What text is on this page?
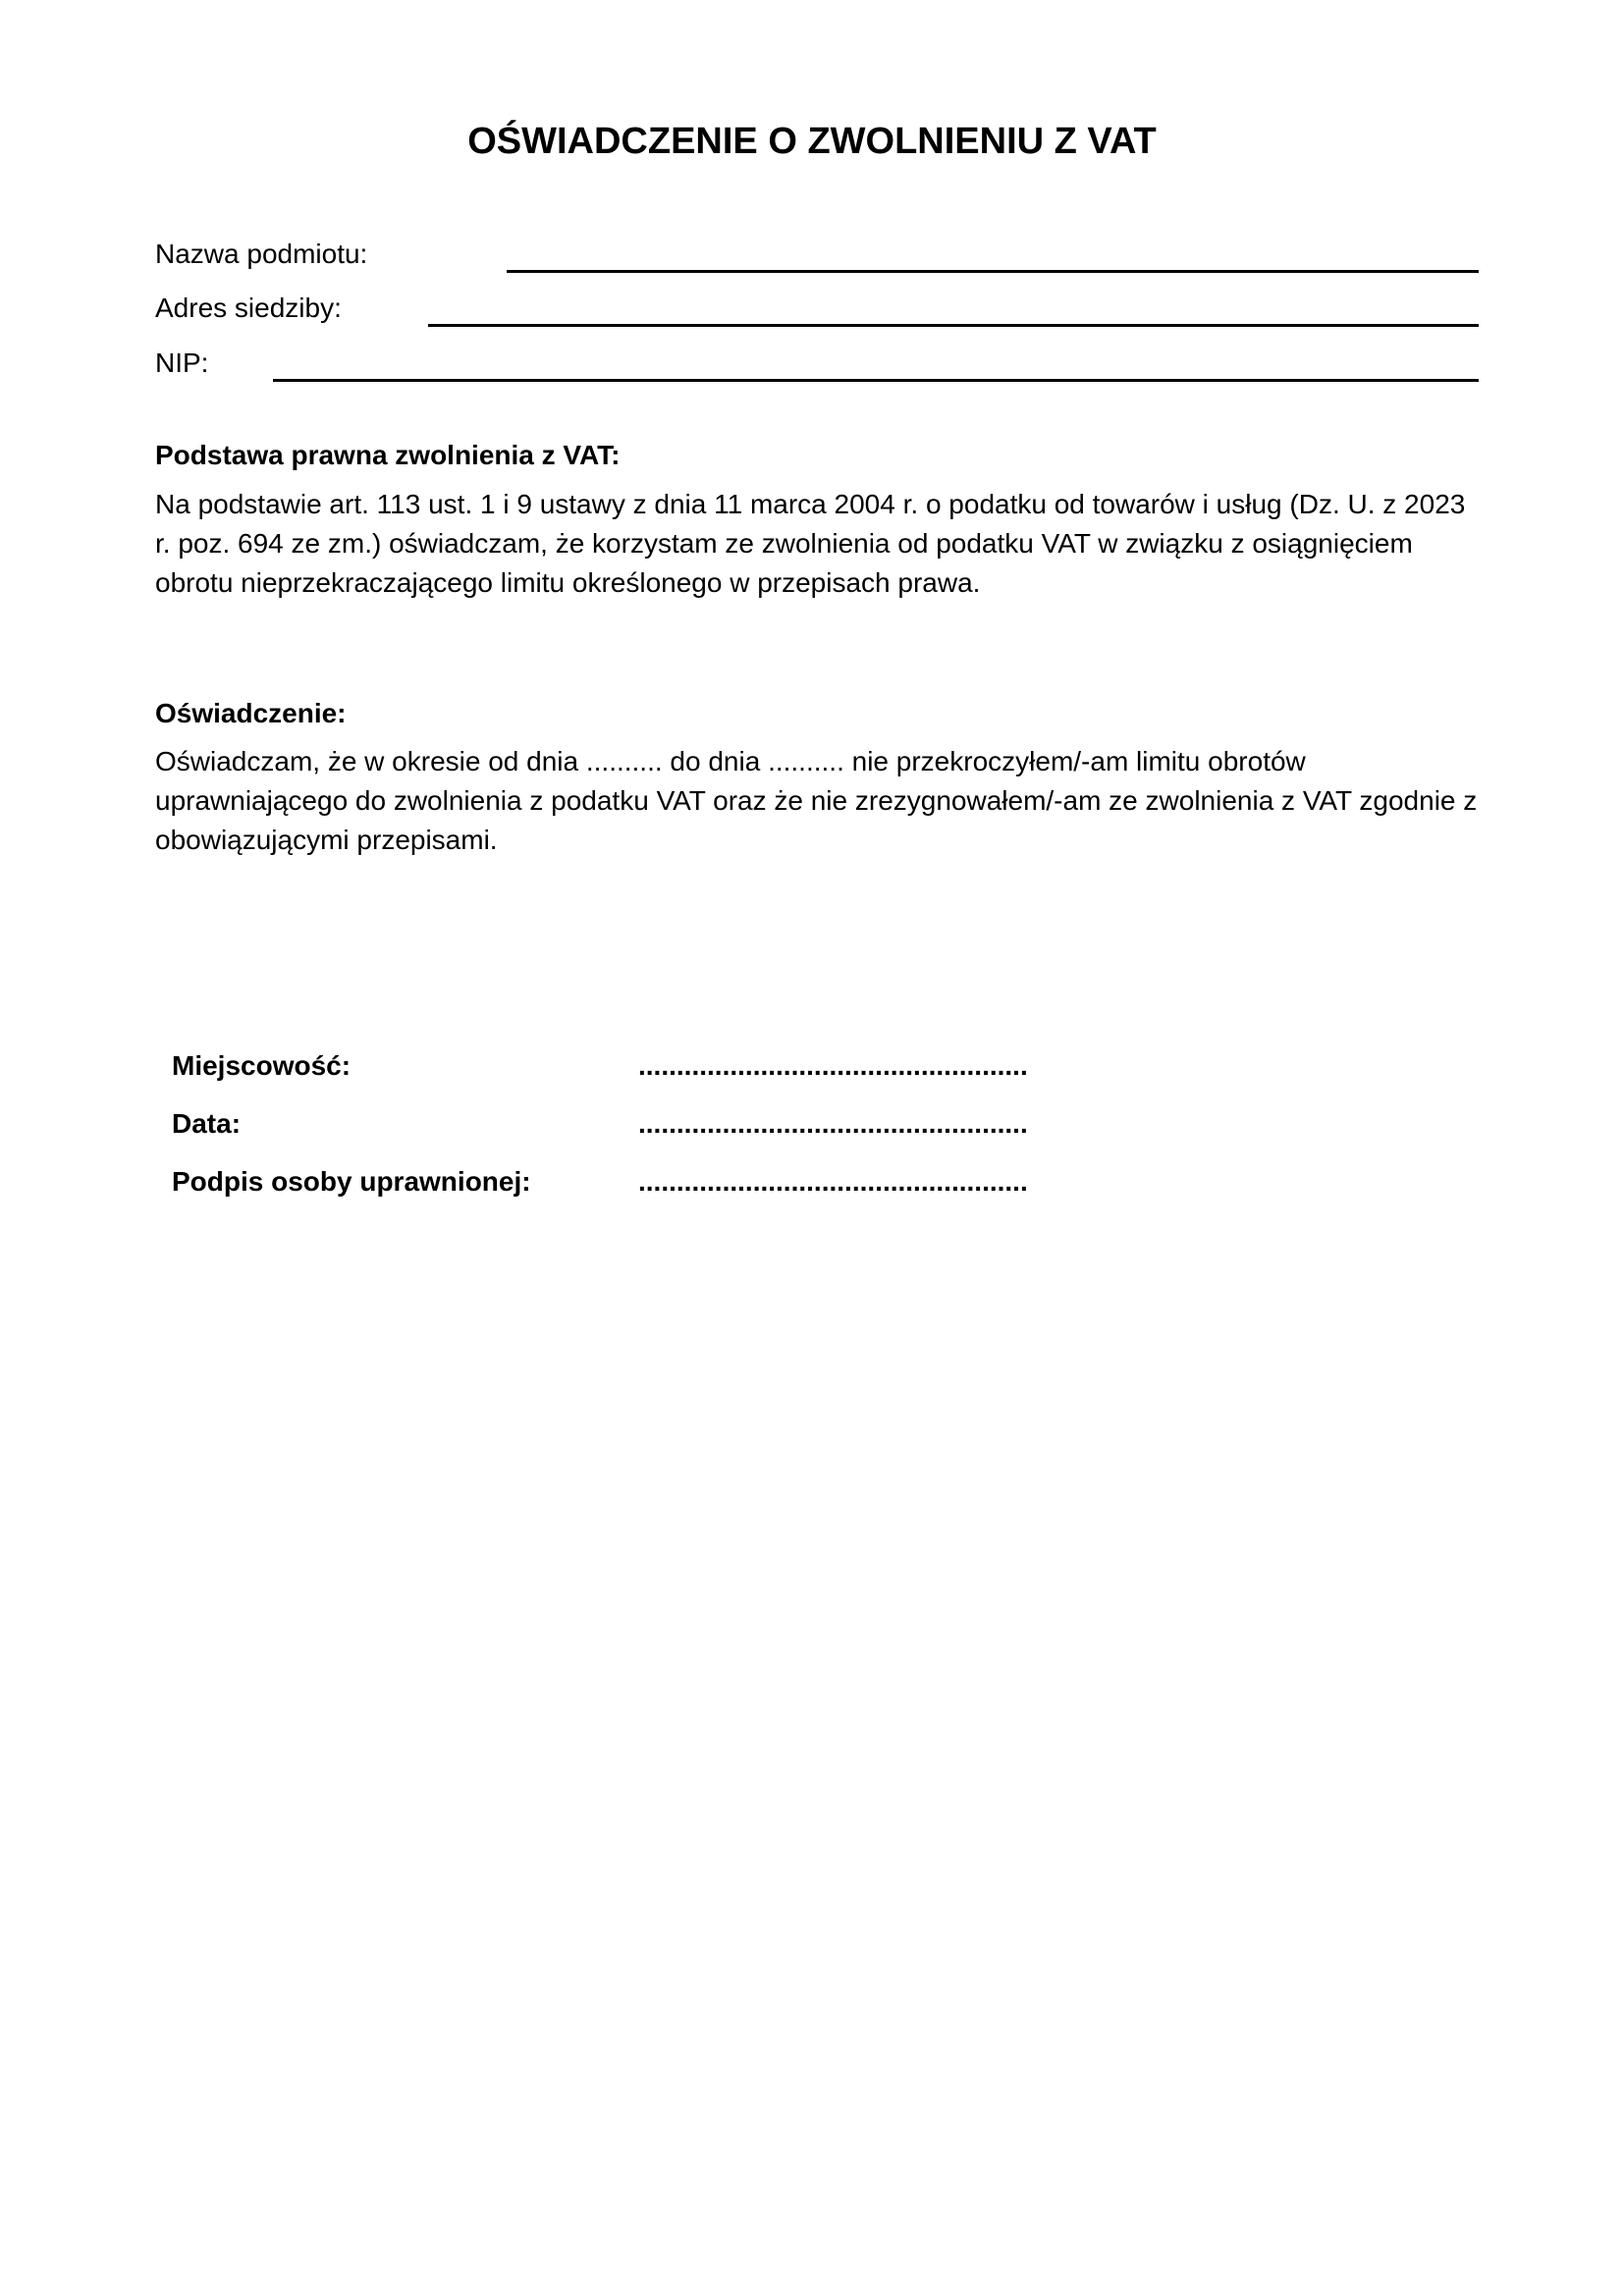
OŚWIADCZENIE O ZWOLNIENIU Z VAT
Nazwa podmiotu:
Adres siedziby:
NIP:
Podstawa prawna zwolnienia z VAT:

Na podstawie art. 113 ust. 1 i 9 ustawy z dnia 11 marca 2004 r. o podatku od towarów i usług (Dz. U. z 2023 r. poz. 694 ze zm.) oświadczam, że korzystam ze zwolnienia od podatku VAT w związku z osiągnięciem obrotu nieprzekraczającego limitu określonego w przepisach prawa.

Oświadczenie:

Oświadczam, że w okresie od dnia .......... do dnia .......... nie przekroczyłem/-am limitu obrotów uprawniającego do zwolnienia z podatku VAT oraz że nie zrezygnowałem/-am ze zwolnienia z VAT zgodnie z obowiązującymi przepisami.

Miejscowość:	...................................................
Data:	...................................................
Podpis osoby uprawnionej:	...................................................
